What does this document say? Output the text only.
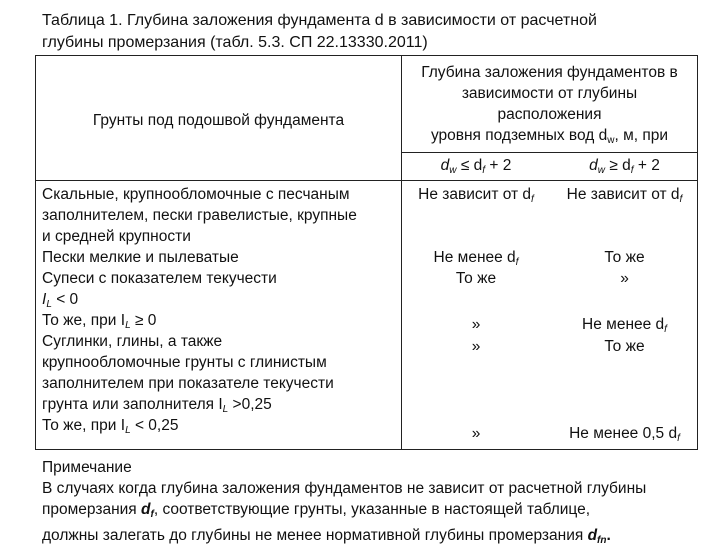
Таблица 1. Глубина заложения фундамента d в зависимости от расчетной
глубины промерзания (табл. 5.3. СП 22.13330.2011)
Грунты под подошвой фундамента
Глубина заложения фундаментов в
зависимости от глубины
расположения
уровня подземных вод $d_w$, м, при
$d_w \le d_f + 2$	$d_w \ge d_f + 2$
Скальные, крупнообломочные с песчаным
заполнителем, пески гравелистые, крупные
и средней крупности
Пески мелкие и пылеватые
Супеси с показателем текучести
$I_L < 0$
То же, при $I_L \ge 0$
Суглинки, глины, а также
крупнообломочные грунты с глинистым
заполнителем при показателе текучести
грунта или заполнителя $I_L >0,25$
То же, при $I_L < 0,25$
Не зависит от $d_f$
Не менее $d_f$
То же
»
»
»
Не зависит от $d_f$
То же
»
Не менее $d_f$
То же
Не менее 0,5 $d_f$
Примечание
В случаях когда глубина заложения фундаментов не зависит от расчетной глубины
промерзания $d_f$, соответствующие грунты, указанные в настоящей таблице,
должны залегать до глубины не менее нормативной глубины промерзания $d_{fn}$.
